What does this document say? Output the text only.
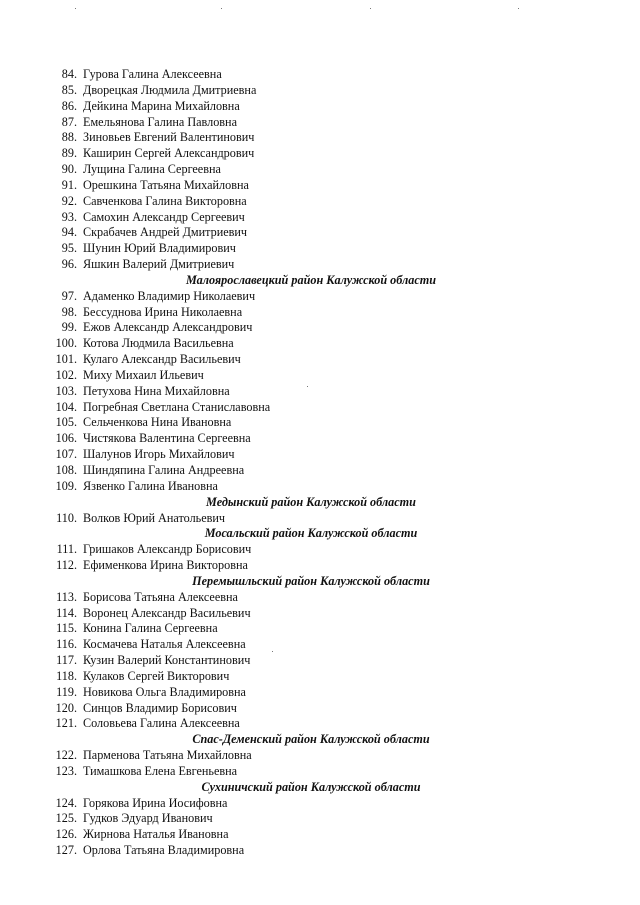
84. Гурова Галина Алексеевна
85. Дворецкая Людмила Дмитриевна
86. Дейкина Марина Михайловна
87. Емельянова Галина Павловна
88. Зиновьев Евгений Валентинович
89. Каширин Сергей Александрович
90. Лущина Галина Сергеевна
91. Орешкина Татьяна Михайловна
92. Савченкова Галина Викторовна
93. Самохин Александр Сергеевич
94. Скрабачев Андрей Дмитриевич
95. Шунин Юрий Владимирович
96. Яшкин Валерий Дмитриевич
Малоярославецкий район Калужской области
97. Адаменко Владимир Николаевич
98. Бессуднова Ирина Николаевна
99. Ежов Александр Александрович
100. Котова Людмила Васильевна
101. Кулаго Александр Васильевич
102. Миху Михаил Ильевич
103. Петухова Нина Михайловна
104. Погребная Светлана Станиславовна
105. Сельченкова Нина Ивановна
106. Чистякова Валентина Сергеевна
107. Шалунов Игорь Михайлович
108. Шиндяпина Галина Андреевна
109. Язвенко Галина Ивановна
Медынский район Калужской области
110. Волков Юрий Анатольевич
Мосальский район Калужской области
111. Гришаков Александр Борисович
112. Ефименкова Ирина Викторовна
Перемышльский район Калужской области
113. Борисова Татьяна Алексеевна
114. Воронец Александр Васильевич
115. Конина Галина Сергеевна
116. Космачева Наталья Алексеевна
117. Кузин Валерий Константинович
118. Кулаков Сергей Викторович
119. Новикова Ольга Владимировна
120. Синцов Владимир Борисович
121. Соловьева Галина Алексеевна
Спас-Деменский район Калужской области
122. Парменова Татьяна Михайловна
123. Тимашкова Елена Евгеньевна
Сухиничский район Калужской области
124. Горякова Ирина Иосифовна
125. Гудков Эдуард Иванович
126. Жирнова Наталья Ивановна
127. Орлова Татьяна Владимировна
